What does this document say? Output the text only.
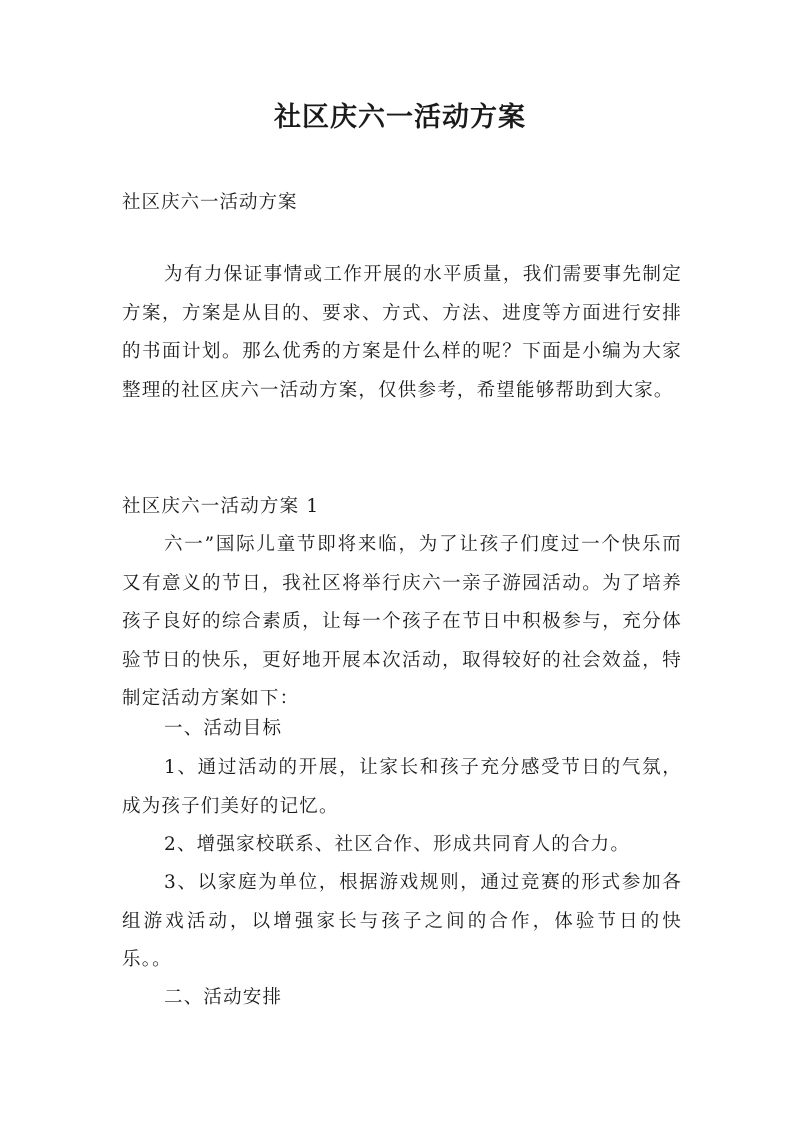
社区庆六一活动方案

社区庆六一活动方案

为有力保证事情或工作开展的水平质量，我们需要事先制定方案，方案是从目的、要求、方式、方法、进度等方面进行安排的书面计划。那么优秀的方案是什么样的呢？下面是小编为大家整理的社区庆六一活动方案，仅供参考，希望能够帮助到大家。

社区庆六一活动方案 1

六一”国际儿童节即将来临，为了让孩子们度过一个快乐而又有意义的节日，我社区将举行庆六一亲子游园活动。为了培养孩子良好的综合素质，让每一个孩子在节日中积极参与，充分体验节日的快乐，更好地开展本次活动，取得较好的社会效益，特制定活动方案如下：

一、活动目标

1、通过活动的开展，让家长和孩子充分感受节日的气氛，成为孩子们美好的记忆。

2、增强家校联系、社区合作、形成共同育人的合力。

3、以家庭为单位，根据游戏规则，通过竞赛的形式参加各组游戏活动，以增强家长与孩子之间的合作，体验节日的快乐。。

二、活动安排
